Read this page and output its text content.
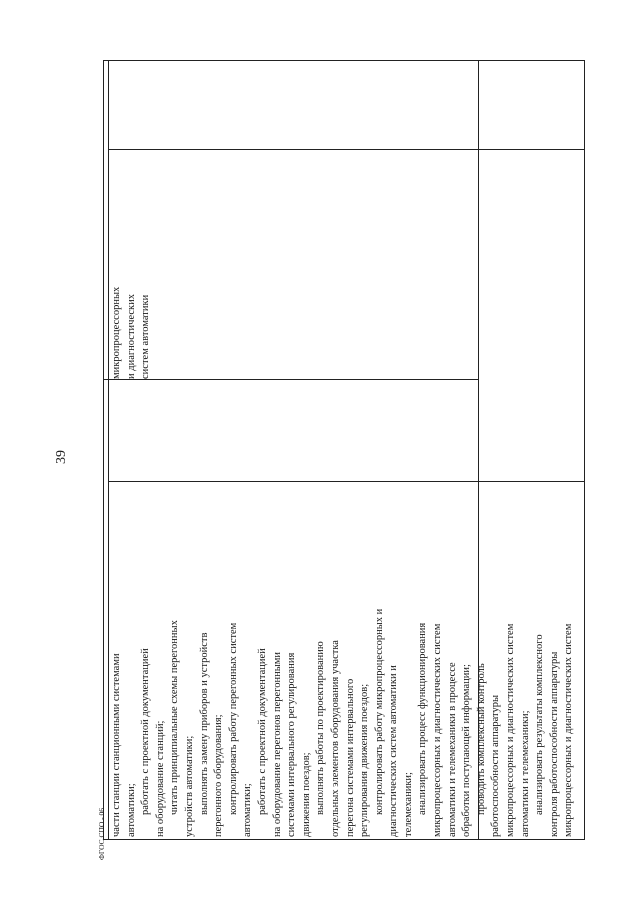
39
части станции станционными системами автоматики; работать с проектной документацией на оборудование станций; читать принципиальные схемы перегонных устройств автоматики; выполнять замену приборов и устройств перегонного оборудования; контролировать работу перегонных систем автоматики; работать с проектной документацией на оборудование перегонов перегонными системами интервального регулирования движения поездов; выполнять работы по проектированию отдельных элементов оборудования участка перегона системами интервального регулирования движения поездов; контролировать работу микропроцессорных и диагностических систем автоматики и телемеханики; анализировать процесс функционирования микропроцессорных и диагностических систем автоматики и телемеханики в процессе обработки поступающей информации; проводить комплексный контроль работоспособности аппаратуры микропроцессорных и диагностических систем автоматики и телемеханики; анализировать результаты комплексного контроля работоспособности аппаратуры микропроцессорных и диагностических систем
микропроцессорных и диагностических систем автоматики
ФГОС СПО - 06
